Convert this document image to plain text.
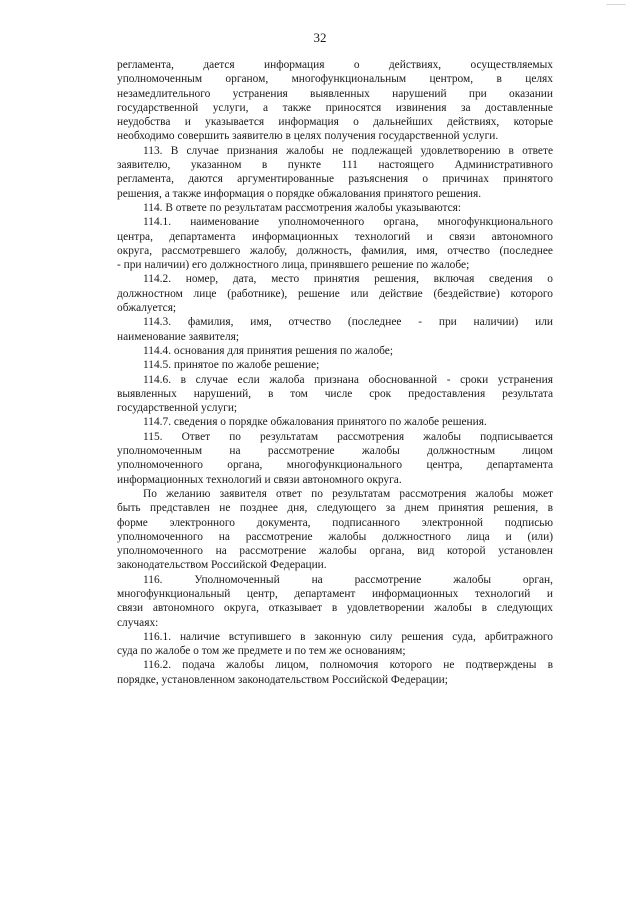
32
регламента, дается информация о действиях, осуществляемых
уполномоченным органом, многофункциональным центром, в целях
незамедлительного устранения выявленных нарушений при оказании
государственной услуги, а также приносятся извинения за доставленные
неудобства и указывается информация о дальнейших действиях, которые
необходимо совершить заявителю в целях получения государственной услуги.
113. В случае признания жалобы не подлежащей удовлетворению в ответе
заявителю, указанном в пункте 111 настоящего Административного
регламента, даются аргументированные разъяснения о причинах принятого
решения, а также информация о порядке обжалования принятого решения.
114. В ответе по результатам рассмотрения жалобы указываются:
114.1. наименование уполномоченного органа, многофункционального
центра, департамента информационных технологий и связи автономного
округа, рассмотревшего жалобу, должность, фамилия, имя, отчество (последнее
- при наличии) его должностного лица, принявшего решение по жалобе;
114.2. номер, дата, место принятия решения, включая сведения о
должностном лице (работнике), решение или действие (бездействие) которого
обжалуется;
114.3. фамилия, имя, отчество (последнее - при наличии) или
наименование заявителя;
114.4. основания для принятия решения по жалобе;
114.5. принятое по жалобе решение;
114.6. в случае если жалоба признана обоснованной - сроки устранения
выявленных нарушений, в том числе срок предоставления результата
государственной услуги;
114.7. сведения о порядке обжалования принятого по жалобе решения.
115. Ответ по результатам рассмотрения жалобы подписывается
уполномоченным на рассмотрение жалобы должностным лицом
уполномоченного органа, многофункционального центра, департамента
информационных технологий и связи автономного округа.
По желанию заявителя ответ по результатам рассмотрения жалобы может
быть представлен не позднее дня, следующего за днем принятия решения, в
форме электронного документа, подписанного электронной подписью
уполномоченного на рассмотрение жалобы должностного лица и (или)
уполномоченного на рассмотрение жалобы органа, вид которой установлен
законодательством Российской Федерации.
116. Уполномоченный на рассмотрение жалобы орган,
многофункциональный центр, департамент информационных технологий и
связи автономного округа, отказывает в удовлетворении жалобы в следующих
случаях:
116.1. наличие вступившего в законную силу решения суда, арбитражного
суда по жалобе о том же предмете и по тем же основаниям;
116.2. подача жалобы лицом, полномочия которого не подтверждены в
порядке, установленном законодательством Российской Федерации;
